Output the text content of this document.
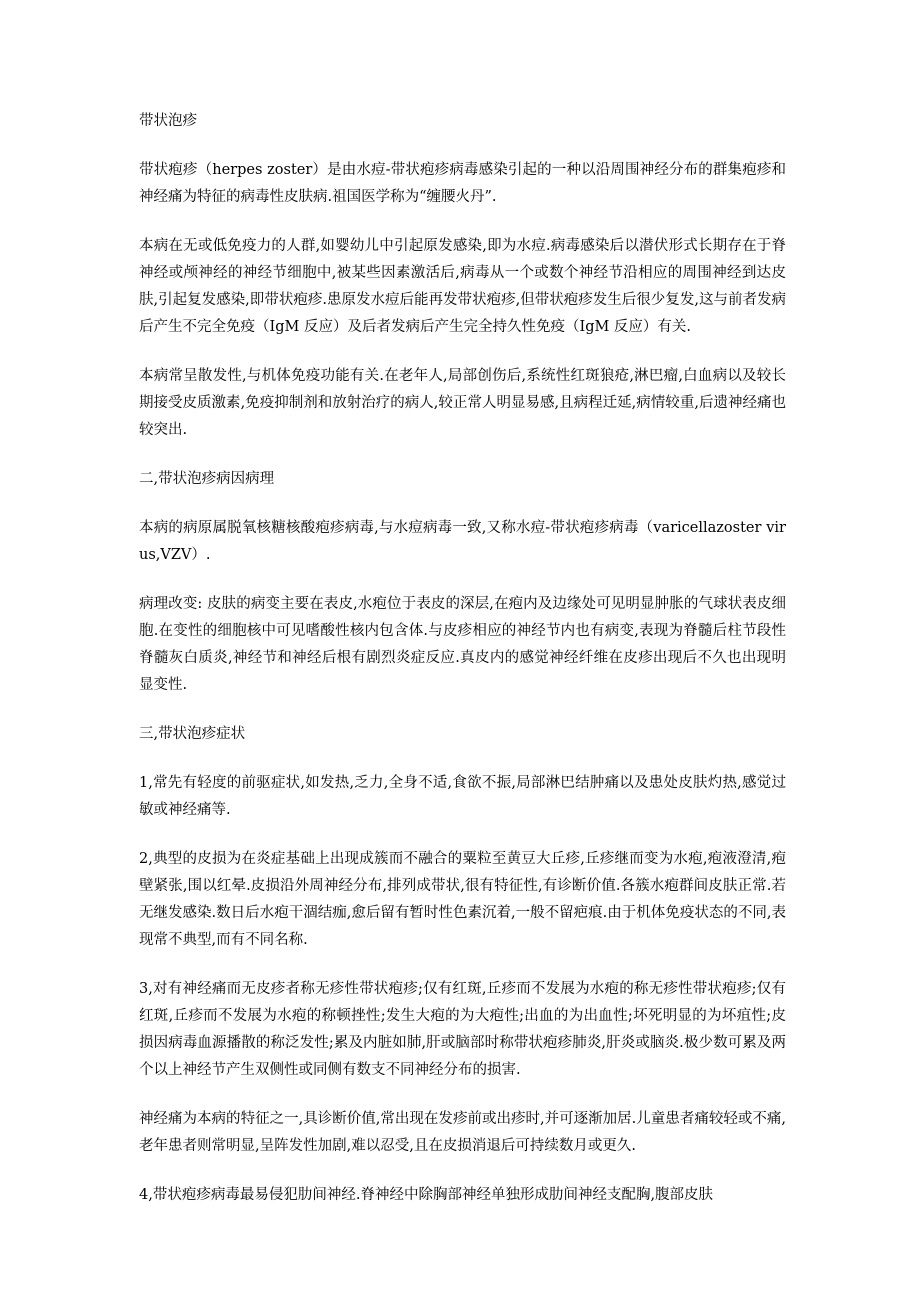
带状泡疹

带状疱疹（herpes zoster）是由水痘-带状疱疹病毒感染引起的一种以沿周围神经分布的群集疱疹和神经痛为特征的病毒性皮肤病.祖国医学称为“缠腰火丹”.

本病在无或低免疫力的人群,如婴幼儿中引起原发感染,即为水痘.病毒感染后以潜伏形式长期存在于脊神经或颅神经的神经节细胞中,被某些因素激活后,病毒从一个或数个神经节沿相应的周围神经到达皮肤,引起复发感染,即带状疱疹.患原发水痘后能再发带状疱疹,但带状疱疹发生后很少复发,这与前者发病后产生不完全免疫（IgM 反应）及后者发病后产生完全持久性免疫（IgM 反应）有关.

本病常呈散发性,与机体免疫功能有关.在老年人,局部创伤后,系统性红斑狼疮,淋巴瘤,白血病以及较长期接受皮质激素,免疫抑制剂和放射治疗的病人,较正常人明显易感,且病程迁延,病情较重,后遗神经痛也较突出.

二,带状泡疹病因病理

本病的病原属脱氧核糖核酸疱疹病毒,与水痘病毒一致,又称水痘-带状疱疹病毒（varicellazoster virus,VZV）.

病理改变: 皮肤的病变主要在表皮,水疱位于表皮的深层,在疱内及边缘处可见明显肿胀的气球状表皮细胞.在变性的细胞核中可见嗜酸性核内包含体.与皮疹相应的神经节内也有病变,表现为脊髓后柱节段性脊髓灰白质炎,神经节和神经后根有剧烈炎症反应.真皮内的感觉神经纤维在皮疹出现后不久也出现明显变性.

三,带状泡疹症状

1,常先有轻度的前驱症状,如发热,乏力,全身不适,食欲不振,局部淋巴结肿痛以及患处皮肤灼热,感觉过敏或神经痛等.

2,典型的皮损为在炎症基础上出现成簇而不融合的粟粒至黄豆大丘疹,丘疹继而变为水疱,疱液澄清,疱壁紧张,围以红晕.皮损沿外周神经分布,排列成带状,很有特征性,有诊断价值.各簇水疱群间皮肤正常.若无继发感染.数日后水疱干涸结痂,愈后留有暂时性色素沉着,一般不留疤痕.由于机体免疫状态的不同,表现常不典型,而有不同名称.

3,对有神经痛而无皮疹者称无疹性带状疱疹;仅有红斑,丘疹而不发展为水疱的称无疹性带状疱疹;仅有红斑,丘疹而不发展为水疱的称顿挫性;发生大疱的为大疱性;出血的为出血性;坏死明显的为坏疽性;皮损因病毒血源播散的称泛发性;累及内脏如肺,肝或脑部时称带状疱疹肺炎,肝炎或脑炎.极少数可累及两个以上神经节产生双侧性或同侧有数支不同神经分布的损害.

神经痛为本病的特征之一,具诊断价值,常出现在发疹前或出疹时,并可逐渐加居.儿童患者痛较轻或不痛,老年患者则常明显,呈阵发性加剧,难以忍受,且在皮损消退后可持续数月或更久.

4,带状疱疹病毒最易侵犯肋间神经.脊神经中除胸部神经单独形成肋间神经支配胸,腹部皮肤
